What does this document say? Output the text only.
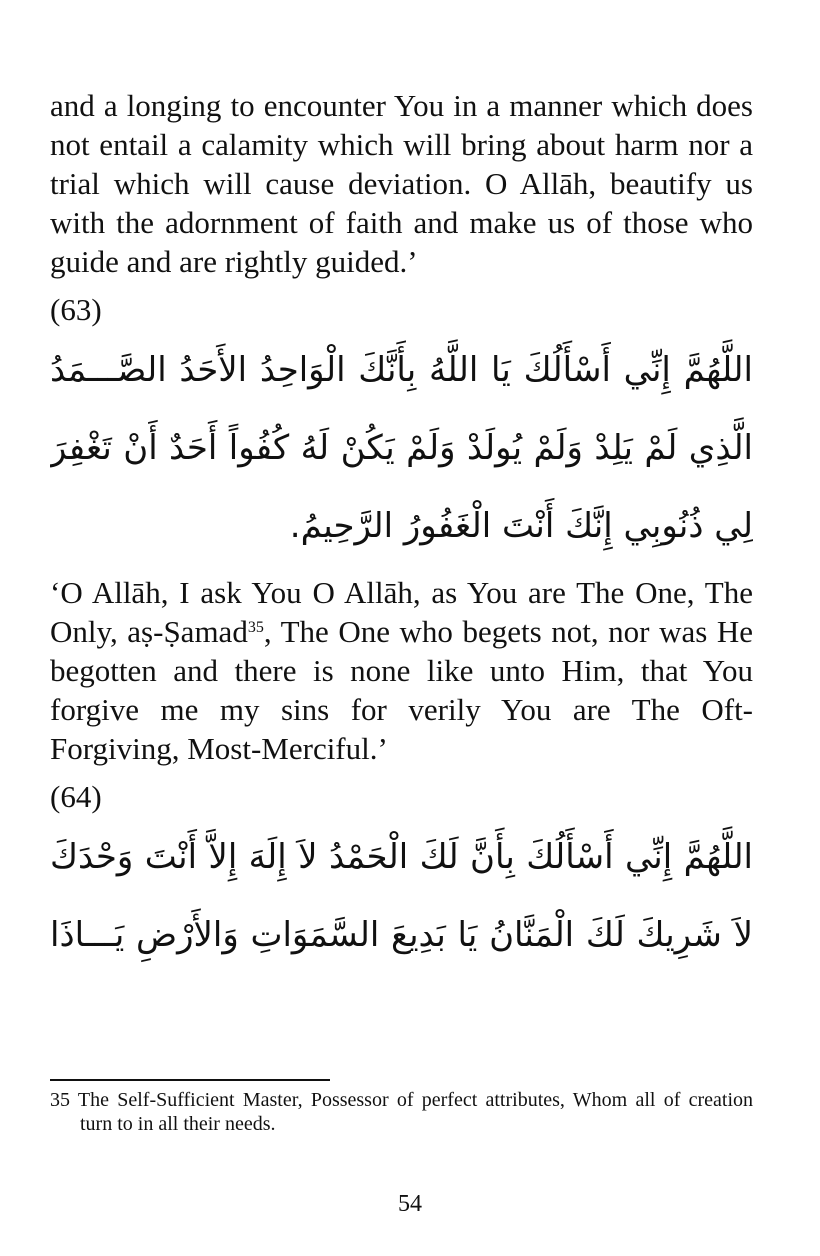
and a longing to encounter You in a manner which does not entail a calamity which will bring about harm nor a trial which will cause deviation. O Allāh, beautify us with the adornment of faith and make us of those who guide and are rightly guided.’

(63)

اللَّهُمَّ إِنِّي أَسْأَلُكَ يَا اللَّهُ بِأَنَّكَ الْوَاحِدُ الأَحَدُ الصَّـــمَدُ
الَّذِي لَمْ يَلِدْ وَلَمْ يُولَدْ وَلَمْ يَكُنْ لَهُ كُفُواً أَحَدٌ أَنْ تَغْفِرَ
لِي ذُنُوبِي إِنَّكَ أَنْتَ الْغَفُورُ الرَّحِيمُ.

‘O Allāh, I ask You O Allāh, as You are The One, The Only, aṣ-Ṣamad$^{35}$, The One who begets not, nor was He begotten and there is none like unto Him, that You forgive me my sins for verily You are The Oft-Forgiving, Most-Merciful.’

(64)

اللَّهُمَّ إِنِّي أَسْأَلُكَ بِأَنَّ لَكَ الْحَمْدُ لاَ إِلَهَ إِلاَّ أَنْتَ وَحْدَكَ
لاَ شَرِيكَ لَكَ الْمَنَّانُ يَا بَدِيعَ السَّمَوَاتِ وَالأَرْضِ يَـــاذَا
35 The Self-Sufficient Master, Possessor of perfect attributes, Whom all of creation turn to in all their needs.
54
